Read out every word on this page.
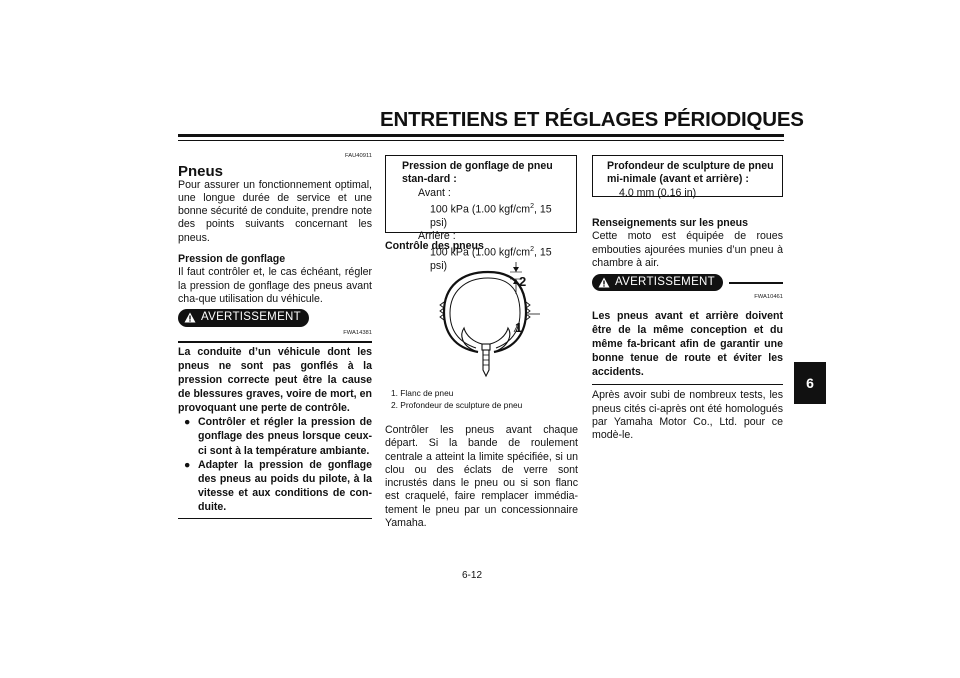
ENTRETIENS ET RÉGLAGES PÉRIODIQUES
6
FAU40911
Pneus

Pour assurer un fonctionnement optimal, une longue durée de service et une bonne sécurité de conduite, prendre note des points suivants concernant les pneus.

Pression de gonflage

Il faut contrôler et, le cas échéant, régler la pression de gonflage des pneus avant cha-que utilisation du véhicule.

AVERTISSEMENT
FWA14381
La conduite d’un véhicule dont les pneus ne sont pas gonflés à la pression correcte peut être la cause de blessures graves, voire de mort, en provoquant une perte de contrôle.
● Contrôler et régler la pression de gonflage des pneus lorsque ceux-ci sont à la température ambiante.
● Adapter la pression de gonflage des pneus au poids du pilote, à la vitesse et aux conditions de con-duite.
Pression de gonflage de pneu stan-dard :
Avant :
100 kPa (1.00 kgf/$cm^2$, 15 psi)
Arrière :
100 kPa (1.00 kgf/$cm^2$, 15 psi)
Contrôle des pneus
2
1
1. Flanc de pneu
2. Profondeur de sculpture de pneu
Contrôler les pneus avant chaque départ. Si la bande de roulement centrale a atteint la limite spécifiée, si un clou ou des éclats de verre sont incrustés dans le pneu ou si son flanc est craquelé, faire remplacer immédia-tement le pneu par un concessionnaire Yamaha.
Profondeur de sculpture de pneu mi-nimale (avant et arrière) :
4.0 mm (0.16 in)

Renseignements sur les pneus

Cette moto est équipée de roues embouties ajourées munies d’un pneu à chambre à air.

AVERTISSEMENT
FWA10461
Les pneus avant et arrière doivent être de la même conception et du même fa-bricant afin de garantir une bonne tenue de route et éviter les accidents.

Après avoir subi de nombreux tests, les pneus cités ci-après ont été homologués par Yamaha Motor Co., Ltd. pour ce modè-le.

6-12
